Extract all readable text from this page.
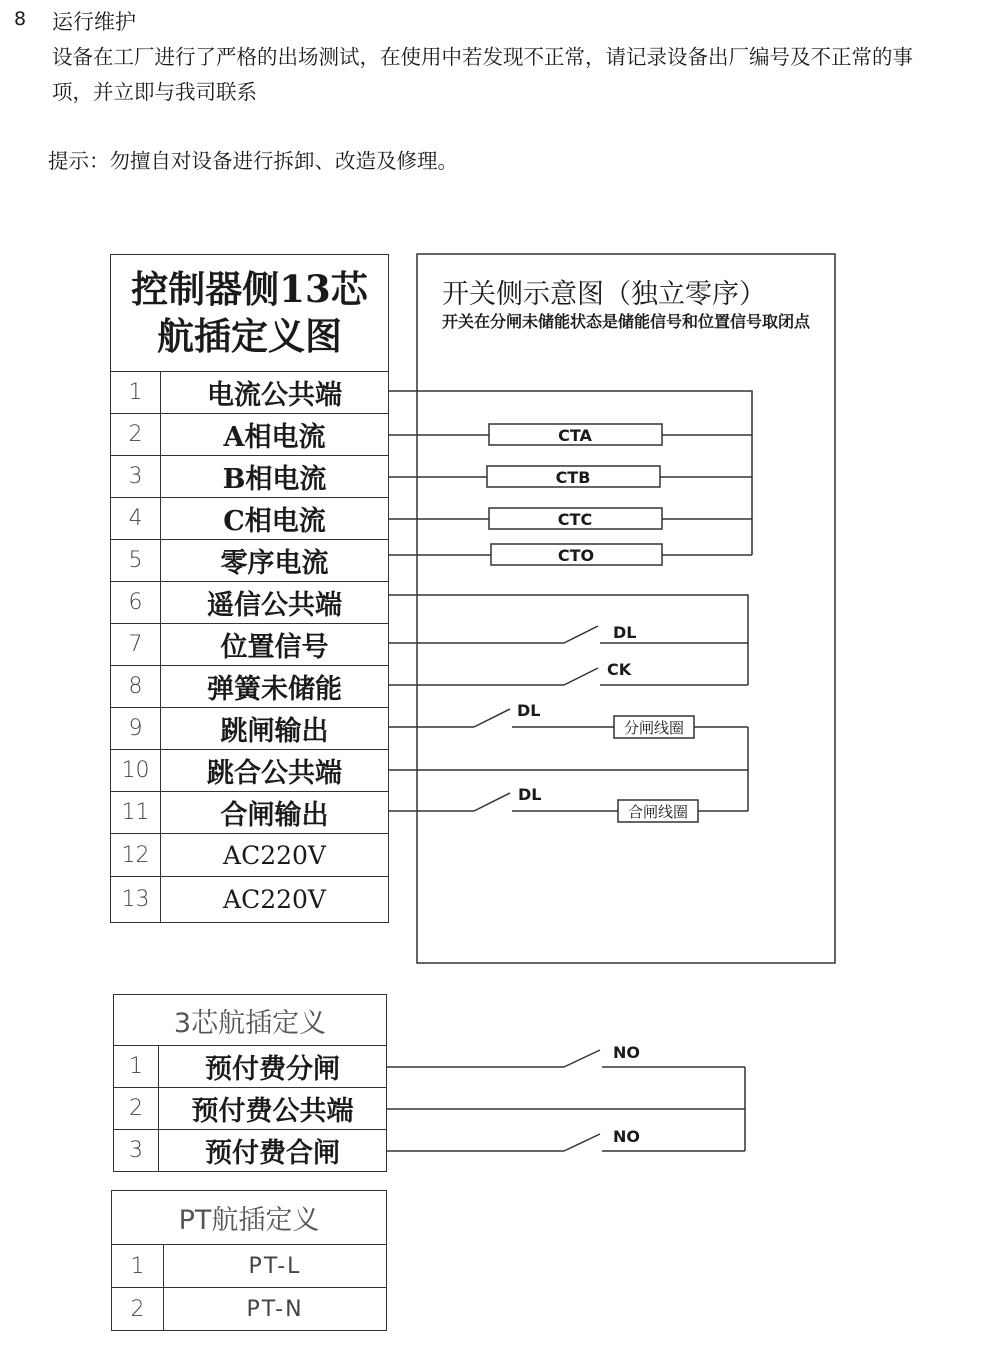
8 运行维护
设备在工厂进行了严格的出场测试，在使用中若发现不正常，请记录设备出厂编号及不正常的事项，并立即与我司联系
提示：勿擅自对设备进行拆卸、改造及修理。
控制器侧13芯
航插定义图	

1	电流公共端
2	A相电流
3	B相电流
4	C相电流
5	零序电流
6	遥信公共端
7	位置信号
8	弹簧未储能
9	跳闸输出
10	跳合公共端
11	合闸输出
12	AC220V
13	AC220V
3芯航插定义	
1	预付费分闸
2	预付费公共端
3	预付费合闸
PT航插定义	
1	PT-L
2	PT-N
CTA
CTB
CTC
CTO
DL
CK
DL
DL
分闸线圈
合闸线圈
NO
NO
开关侧示意图（独立零序）
开关在分闸未储能状态是储能信号和位置信号取闭点
